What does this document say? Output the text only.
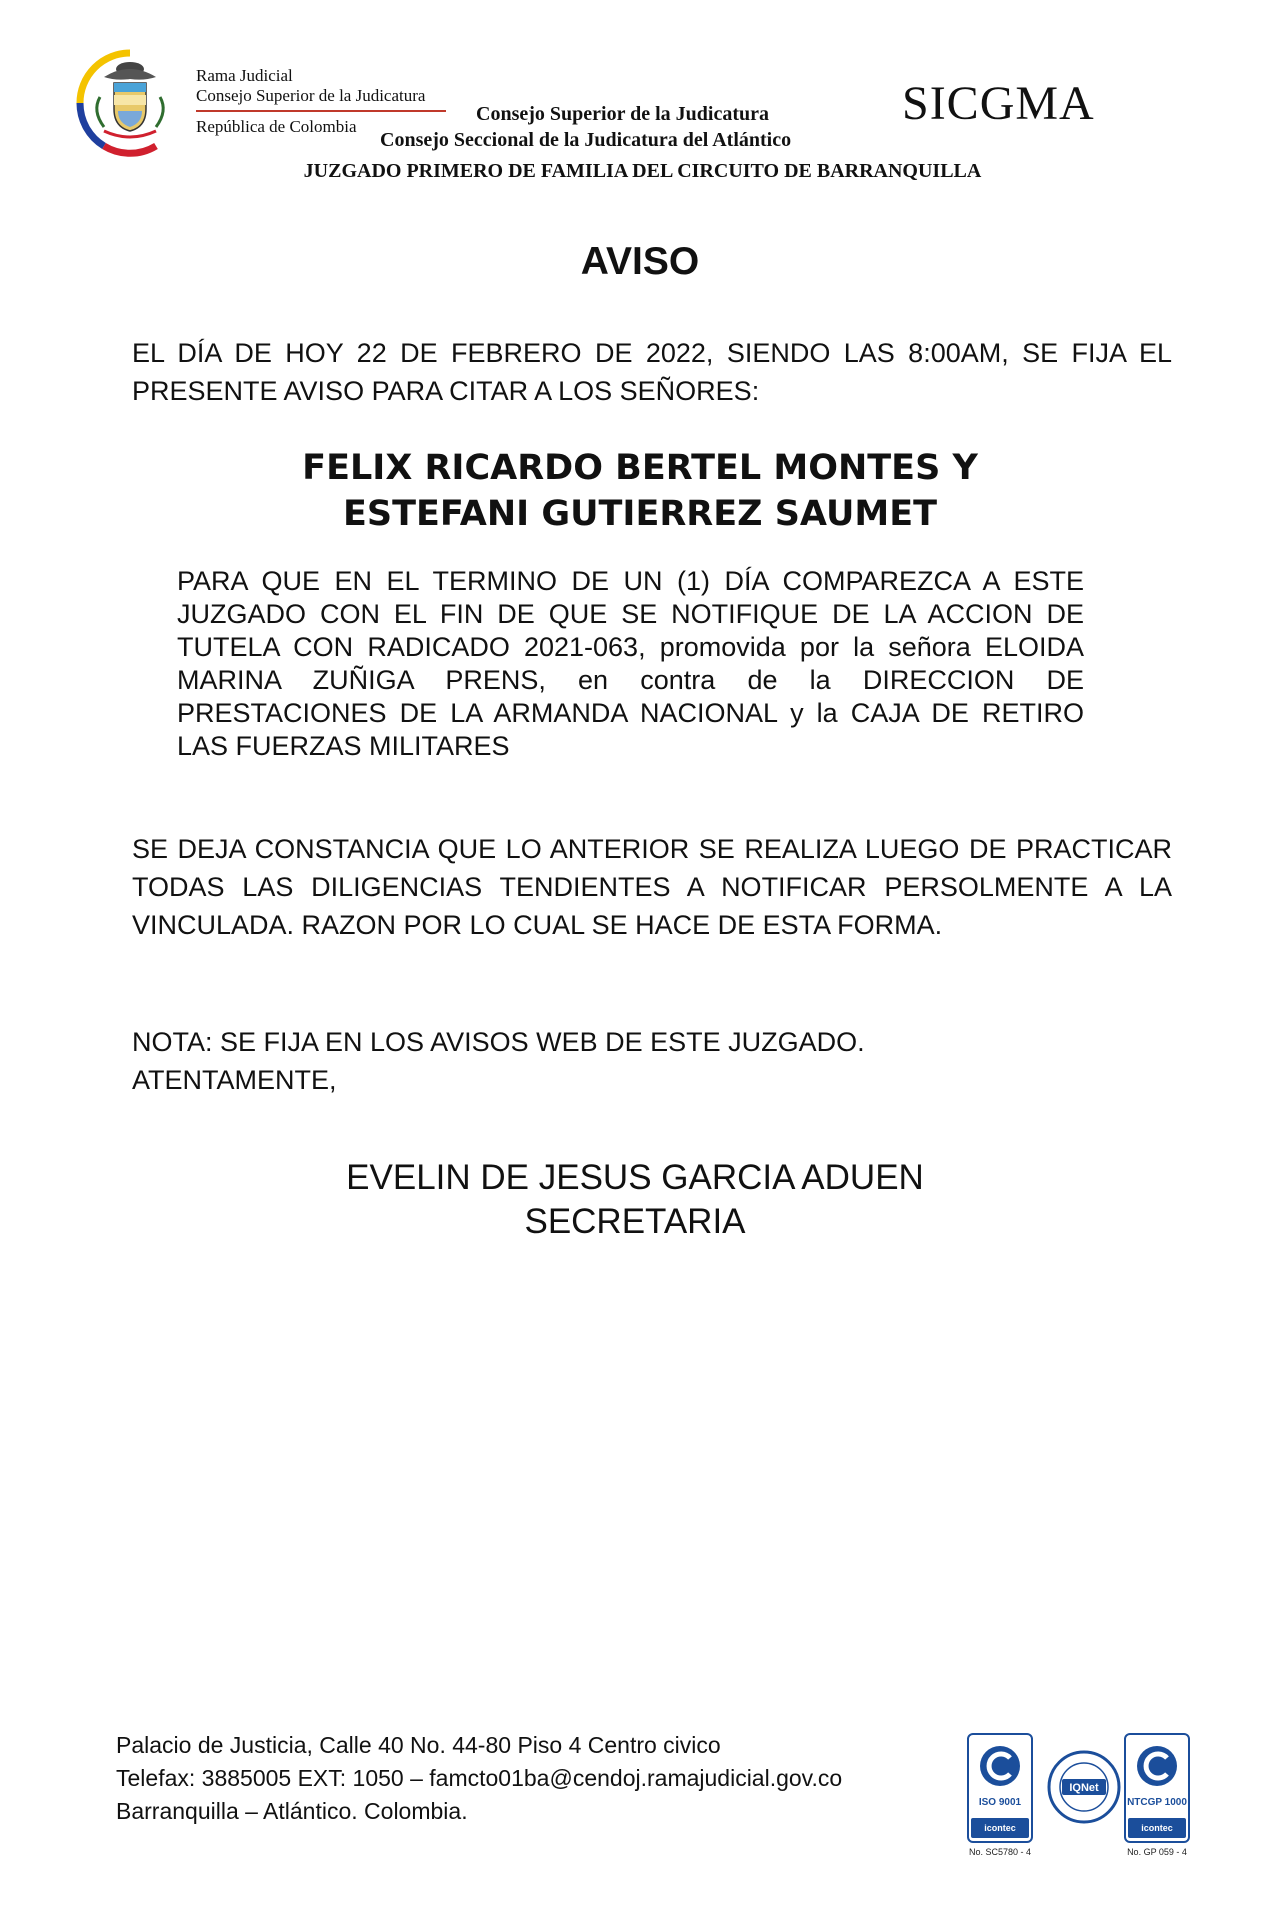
Rama Judicial
Consejo Superior de la Judicatura
República de Colombia
Consejo Superior de la Judicatura	SICGMA
Consejo Seccional de la Judicatura del Atlántico
JUZGADO PRIMERO DE FAMILIA DEL CIRCUITO DE BARRANQUILLA
AVISO
EL DÍA DE HOY 22 DE FEBRERO DE 2022, SIENDO LAS 8:00AM, SE FIJA EL PRESENTE AVISO PARA CITAR A LOS SEÑORES:
FELIX RICARDO BERTEL MONTES Y
ESTEFANI GUTIERREZ SAUMET
PARA QUE EN EL TERMINO DE UN (1) DÍA COMPAREZCA A ESTE JUZGADO CON EL FIN DE QUE SE NOTIFIQUE DE LA ACCION DE TUTELA CON RADICADO 2021-063, promovida por la señora ELOIDA MARINA ZUÑIGA PRENS, en contra de la DIRECCION DE PRESTACIONES DE LA ARMANDA NACIONAL y la CAJA DE RETIRO LAS FUERZAS MILITARES
SE DEJA CONSTANCIA QUE LO ANTERIOR SE REALIZA LUEGO DE PRACTICAR TODAS LAS DILIGENCIAS TENDIENTES A NOTIFICAR PERSOLMENTE A LA VINCULADA. RAZON POR LO CUAL SE HACE DE ESTA FORMA.
NOTA: SE FIJA EN LOS AVISOS WEB DE ESTE JUZGADO.
ATENTAMENTE,
EVELIN DE JESUS GARCIA ADUEN
SECRETARIA
Palacio de Justicia, Calle 40 No. 44-80 Piso 4 Centro civico
Telefax: 3885005 EXT: 1050 – famcto01ba@cendoj.ramajudicial.gov.co
Barranquilla – Atlántico. Colombia.	ISO 9001
icontec
No. SC5780 - 4
IQNet
NTCGP 1000
icontec
No. GP 059 - 4
